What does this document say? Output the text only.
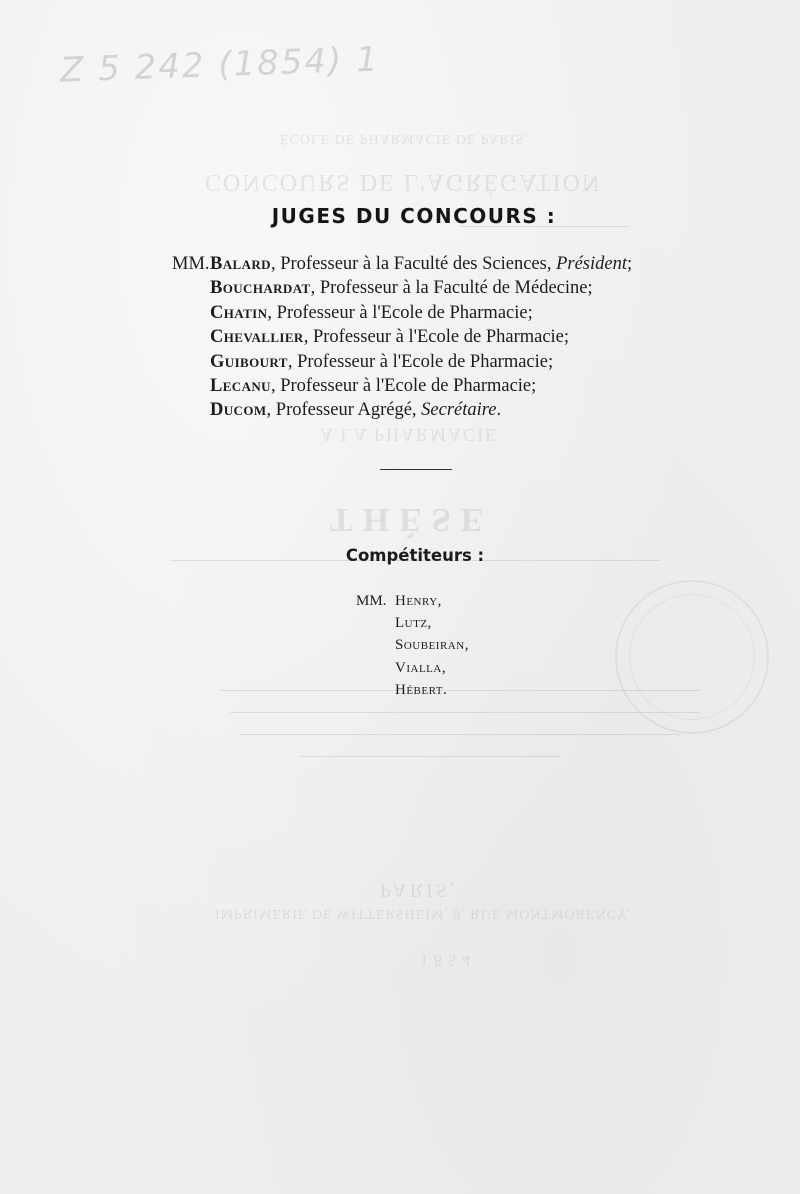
Z 5 242 (1854) 1
ÉCOLE DE PHARMACIE DE PARIS.
CONCOURS DE L'AGRÉGATION
A LA PHARMACIE
THÈSE
PARIS,
IMPRIMERIE DE WITTERSHEIM, 8, RUE MONTMORENCY.
1854
JUGES DU CONCOURS :
MM.Balard, Professeur à la Faculté des Sciences, Président;
Bouchardat, Professeur à la Faculté de Médecine;
Chatin, Professeur à l'Ecole de Pharmacie;
Chevallier, Professeur à l'Ecole de Pharmacie;
Guibourt, Professeur à l'Ecole de Pharmacie;
Lecanu, Professeur à l'Ecole de Pharmacie;
Ducom, Professeur Agrégé, Secrétaire.
Compétiteurs :
MM. Henry,
Lutz,
Soubeiran,
Vialla,
Hébert.
